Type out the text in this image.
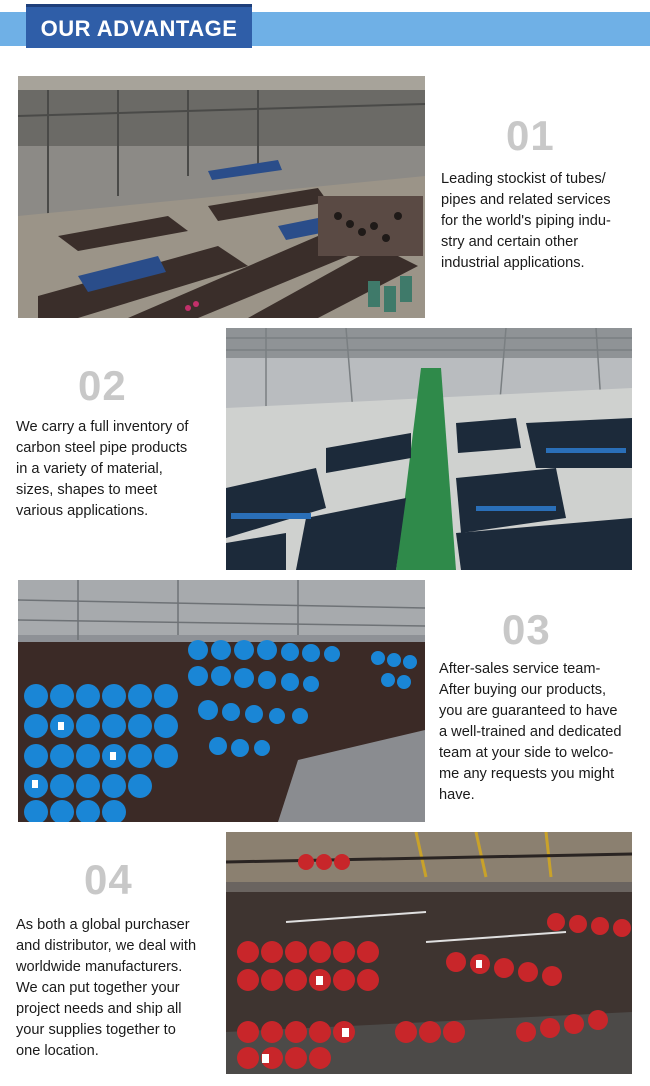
OUR ADVANTAGE
01
Leading stockist of tubes/
pipes and related services
for the world's piping indu-
stry and certain other
industrial applications.
02
We carry a full inventory of
carbon steel pipe products
in a variety of material,
sizes, shapes to meet
various applications.
03
After-sales service team-
After buying our products,
you are guaranteed to have
a well-trained and dedicated
team at your side to welco-
me any requests you might
have.
04
As both a global purchaser
and distributor, we deal with
worldwide manufacturers.
We can put together your
project needs and ship all
your supplies together to
one location.
